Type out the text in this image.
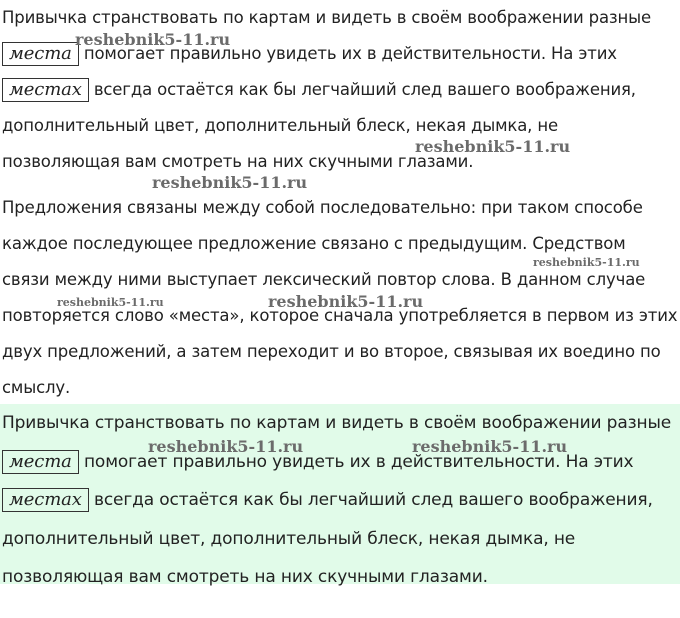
Привычка странствовать по картам и видеть в своём воображении разные места помогает правильно увидеть их в действительности. На этих местах всегда остаётся как бы легчайший след вашего воображения, дополнительный цвет, дополнительный блеск, некая дымка, не позволяющая вам смотреть на них скучными глазами.

Предложения связаны между собой последовательно: при таком способе каждое последующее предложение связано с предыдущим. Средством связи между ними выступает лексический повтор слова. В данном случае повторяется слово «места», которое сначала употребляется в первом из этих двух предложений, а затем переходит и во второе, связывая их воедино по смыслу.

Привычка странствовать по картам и видеть в своём воображении разные места помогает правильно увидеть их в действительности. На этих местах всегда остаётся как бы легчайший след вашего воображения, дополнительный цвет, дополнительный блеск, некая дымка, не позволяющая вам смотреть на них скучными глазами.

reshebnik5-11.ru
reshebnik5-11.ru
reshebnik5-11.ru
reshebnik5-11.ru
reshebnik5-11.ru	reshebnik5-11.ru
reshebnik5-11.ru	reshebnik5-11.ru
